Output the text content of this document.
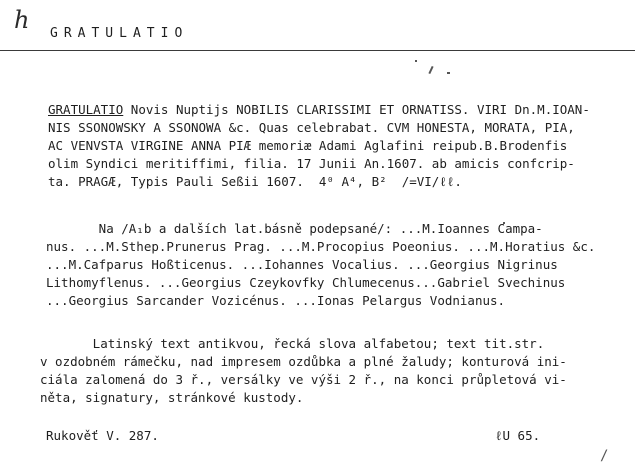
h GRATULATIO
GRATULATIO Novis Nuptijs NOBILIS CLARISSIMI ET ORNATISS. VIRI Dn.M.IOAN-
NIS SSONOWSKY A SSONOWA &c. Quas celebrabat. CVM HONESTA, MORATA, PIA,
AC VENVSTA VIRGINE ANNA PIÆ memoriæ Adami Aglafini reipub.B.Brodenfis
olim Syndici meritiffimi, filia. 17 Junii An.1607. ab amicis confcrip-
ta. PRAGÆ, Typis Pauli Seßii 1607.  4⁰ A⁴, B²  /=VI/ℓℓ.
Na /A₁b a dalších lat.básně podepsané/: ...M.Ioannes Campa-
nus. ...M.Sthep.Prunerus Prag. ...M.Procopius Poeonius. ...M.Horatius &c.
...M.Cafparus Hoßticenus. ...Iohannes Vocalius. ...Georgius Nigrinus
Lithomyflenus. ...Georgius Czeykovfky Chlumecenus...Gabriel Svechinus
...Georgius Sarcander Vozicénus. ...Ionas Pelargus Vodnianus.
Latinský text antikvou, řecká slova alfabetou; text tit.str.
v ozdobném rámečku, nad impresem ozdůbka a plné žaludy; konturová ini-
ciála zalomená do 3 ř., versálky ve výši 2 ř., na konci průpletová vi-
něta, signatury, stránkové kustody.
Rukověť V. 287.	ℓU 65.
/
